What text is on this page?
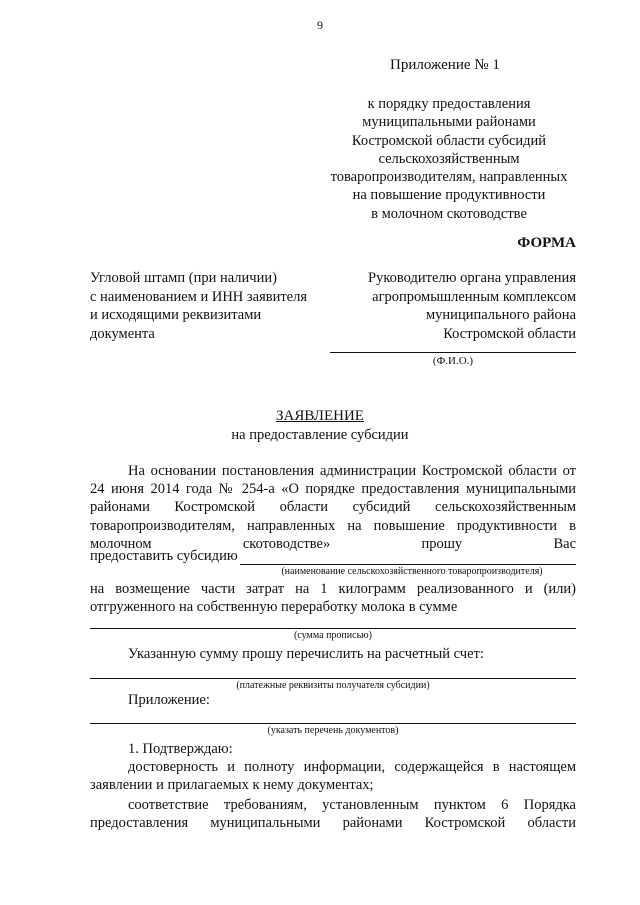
9
Приложение № 1
к порядку предоставления
муниципальными районами
Костромской области субсидий
сельскохозяйственным
товаропроизводителям, направленных
на повышение продуктивности
в молочном скотоводстве
ФОРМА
Угловой штамп (при наличии)
с наименованием и ИНН заявителя
и исходящими реквизитами
документа
Руководителю органа управления
агропромышленным комплексом
муниципального района
Костромской области
(Ф.И.О.)
ЗАЯВЛЕНИЕ
на предоставление субсидии

На основании постановления администрации Костромской области от 24 июня 2014 года № 254-а «О порядке предоставления муниципальными районами Костромской области субсидий сельскохозяйственным товаропроизводителям, направленных на повышение продуктивности в молочном скотоводстве» прошу Вас

предоставить субсидию
(наименование сельскохозяйственного товаропроизводителя)
на возмещение части затрат на 1 килограмм реализованного и (или) отгруженного на собственную переработку молока в сумме
(сумма прописью)
Указанную сумму прошу перечислить на расчетный счет:
(платежные реквизиты получателя субсидии)
Приложение:
(указать перечень документов)
1. Подтверждаю:
достоверность и полноту информации, содержащейся в настоящем заявлении и прилагаемых к нему документах;
соответствие требованиям, установленным пунктом 6 Порядка предоставления муниципальными районами Костромской области
